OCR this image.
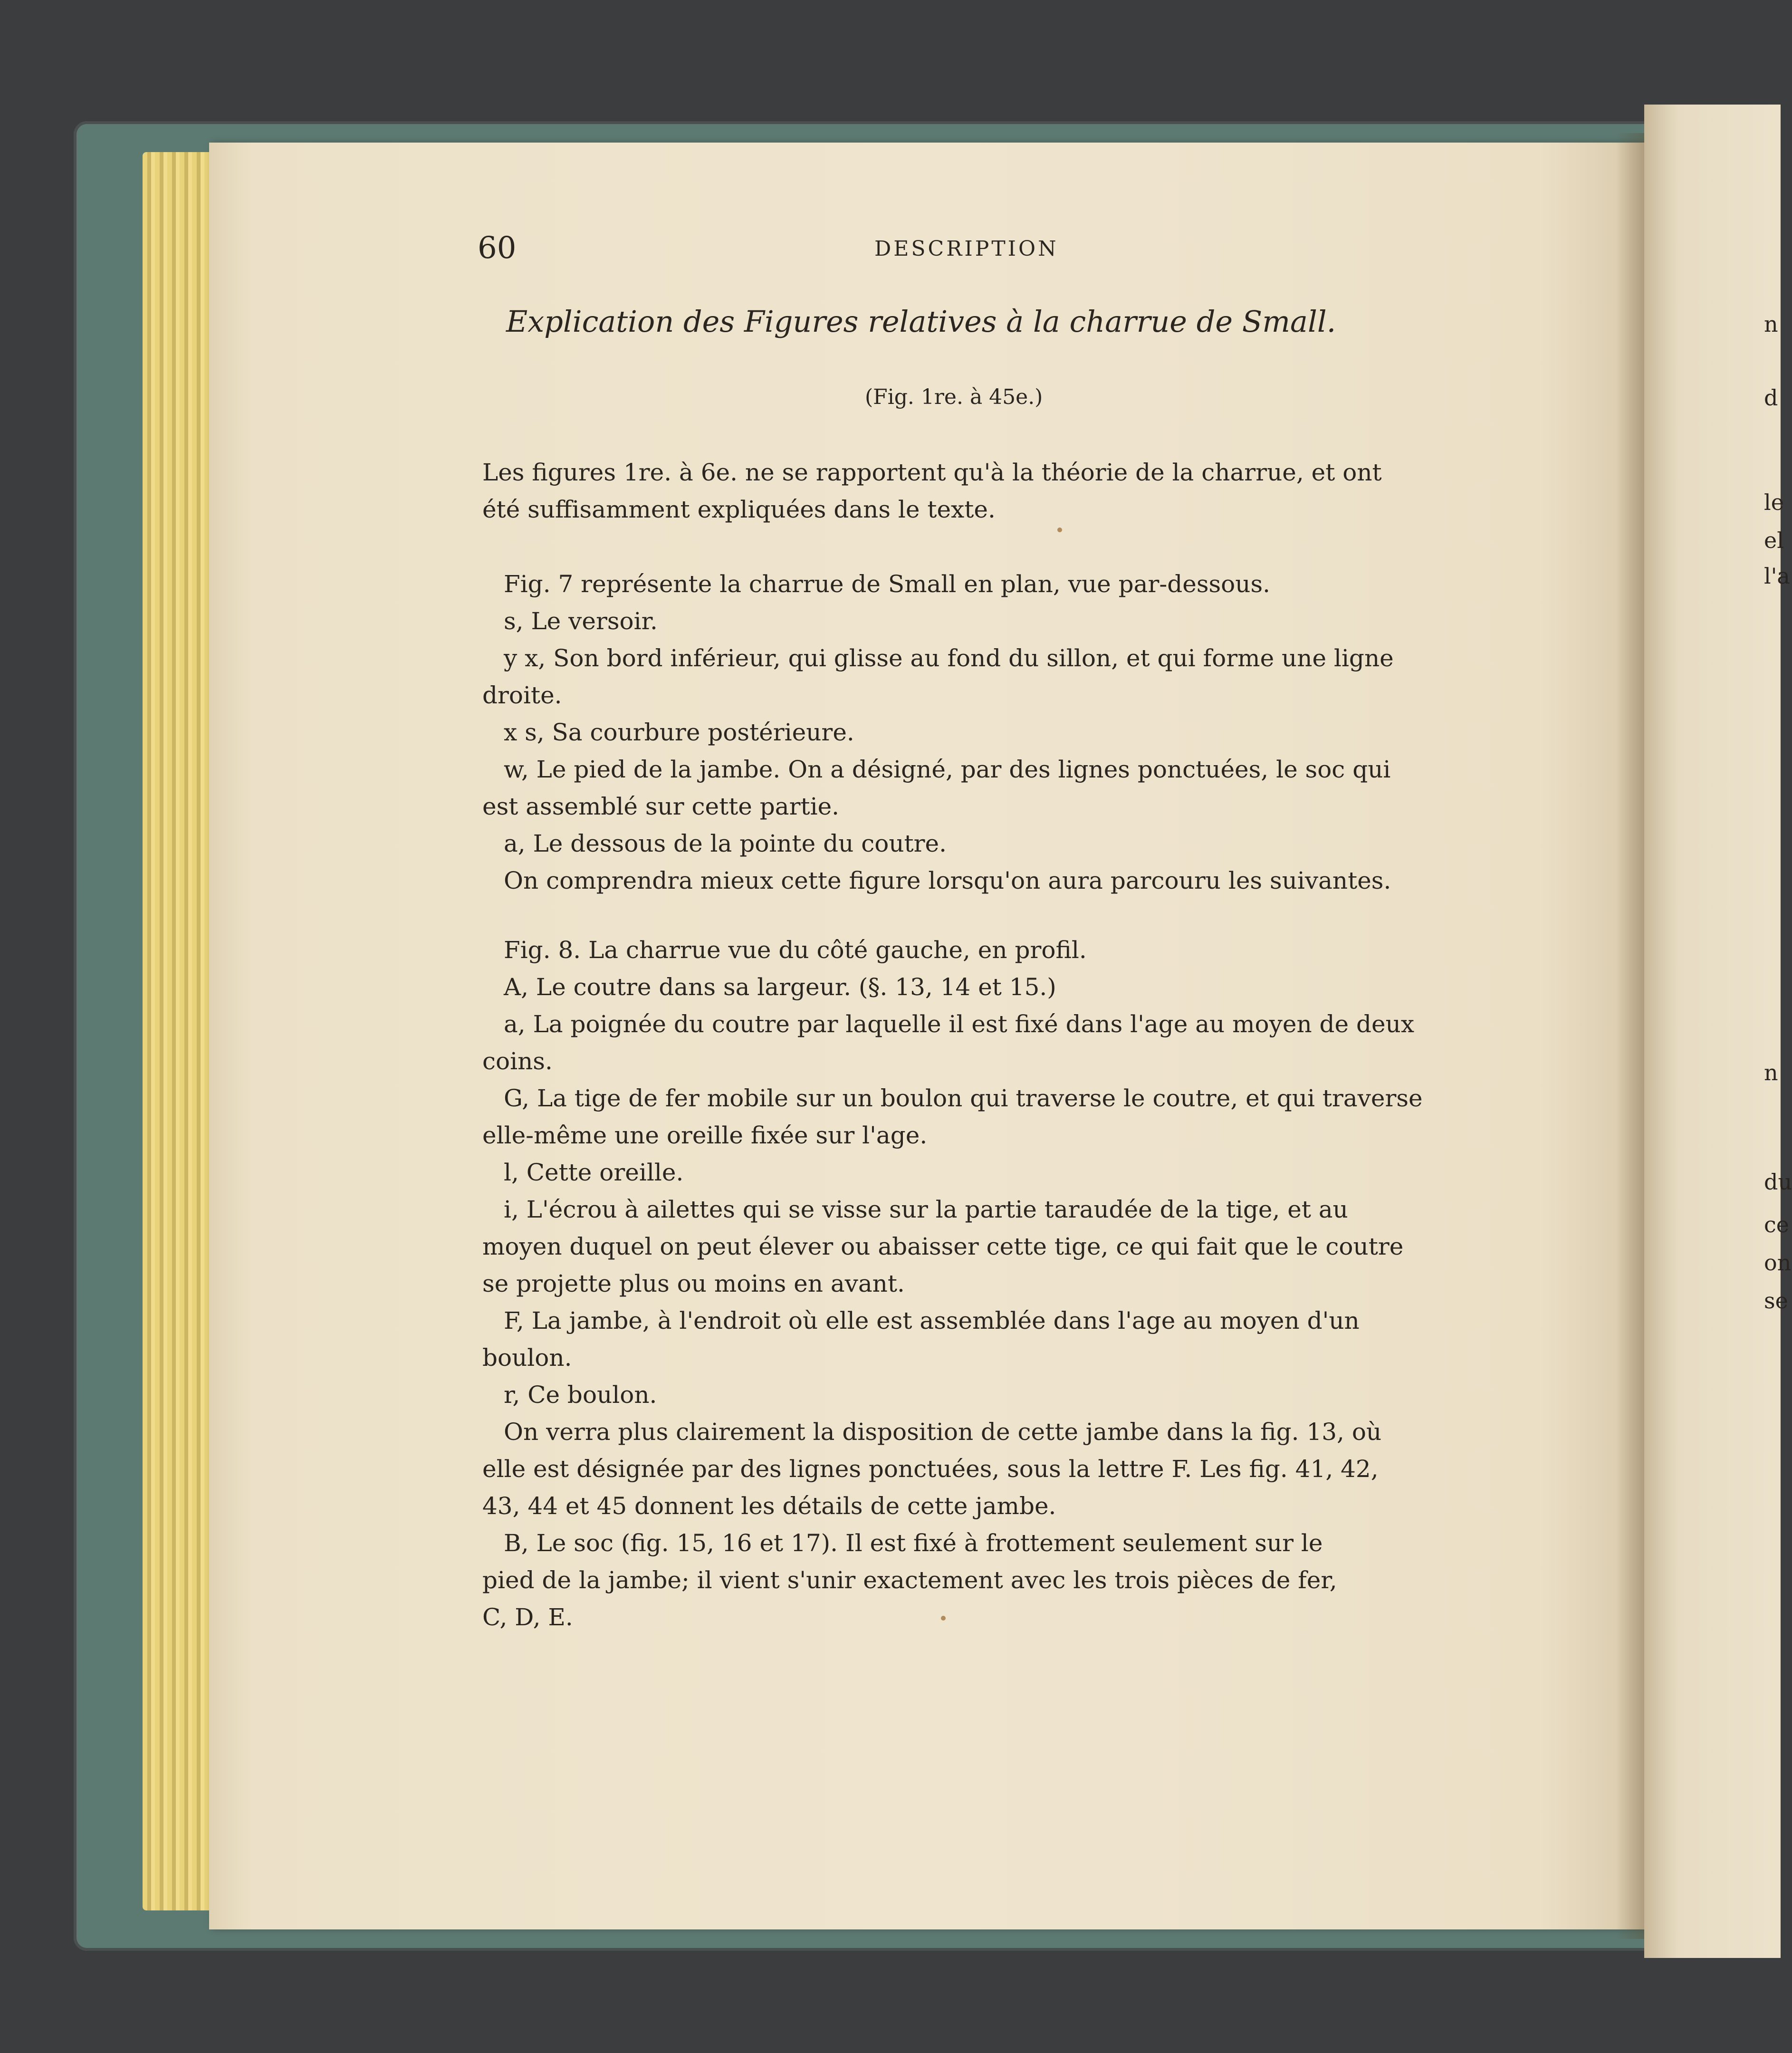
n
d
le
el
l'a
n
du
ce
on
se
60	DESCRIPTION
Explication des Figures relatives à la charrue de Small.
(Fig. 1re. à 45e.)
Les figures 1re. à 6e. ne se rapportent qu'à la théorie de la charrue, et ont
été suffisamment expliquées dans le texte.
Fig. 7 représente la charrue de Small en plan, vue par-dessous.
s, Le versoir.
y x, Son bord inférieur, qui glisse au fond du sillon, et qui forme une ligne
droite.
x s, Sa courbure postérieure.
w, Le pied de la jambe. On a désigné, par des lignes ponctuées, le soc qui
est assemblé sur cette partie.
a, Le dessous de la pointe du coutre.
On comprendra mieux cette figure lorsqu'on aura parcouru les suivantes.
Fig. 8. La charrue vue du côté gauche, en profil.
A, Le coutre dans sa largeur. (§. 13, 14 et 15.)
a, La poignée du coutre par laquelle il est fixé dans l'age au moyen de deux
coins.
G, La tige de fer mobile sur un boulon qui traverse le coutre, et qui traverse
elle-même une oreille fixée sur l'age.
l, Cette oreille.
i, L'écrou à ailettes qui se visse sur la partie taraudée de la tige, et au
moyen duquel on peut élever ou abaisser cette tige, ce qui fait que le coutre
se projette plus ou moins en avant.
F, La jambe, à l'endroit où elle est assemblée dans l'age au moyen d'un
boulon.
r, Ce boulon.
On verra plus clairement la disposition de cette jambe dans la fig. 13, où
elle est désignée par des lignes ponctuées, sous la lettre F. Les fig. 41, 42,
43, 44 et 45 donnent les détails de cette jambe.
B, Le soc (fig. 15, 16 et 17). Il est fixé à frottement seulement sur le
pied de la jambe; il vient s'unir exactement avec les trois pièces de fer,
C, D, E.
